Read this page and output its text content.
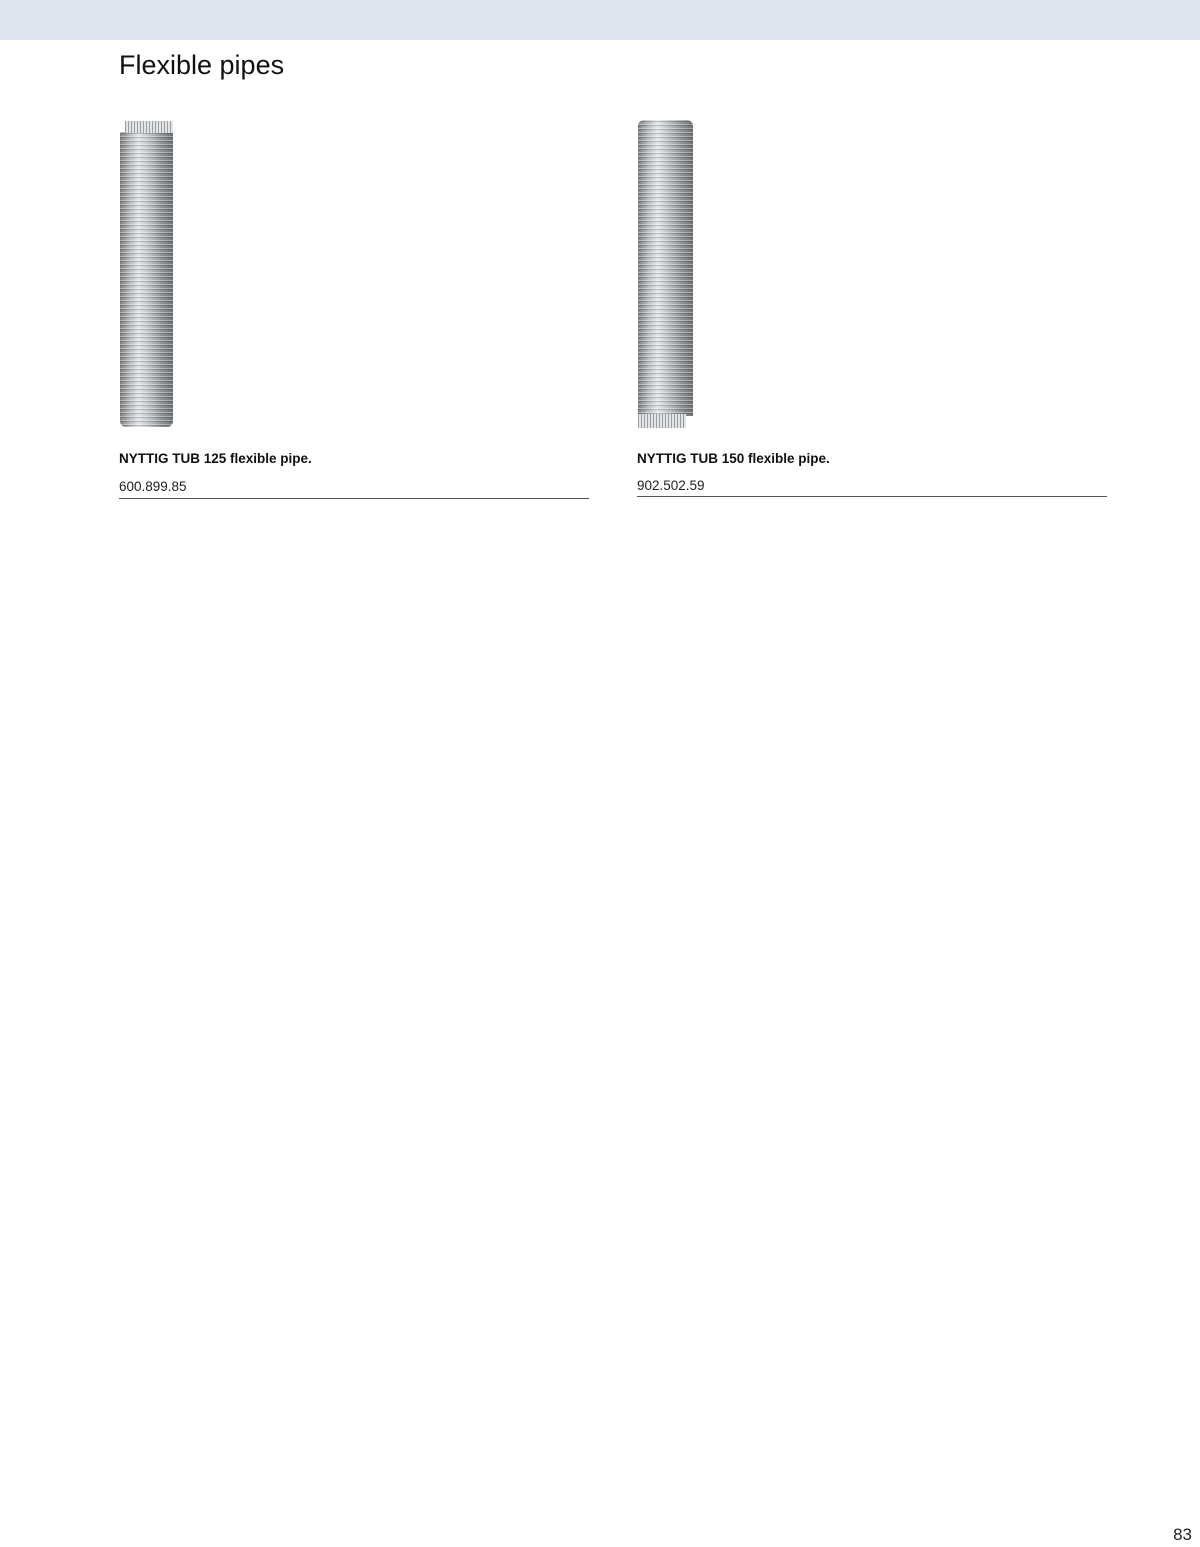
Flexible pipes
NYTTIG TUB 125 flexible pipe.
600.899.85
NYTTIG TUB 150 flexible pipe.
902.502.59
83
